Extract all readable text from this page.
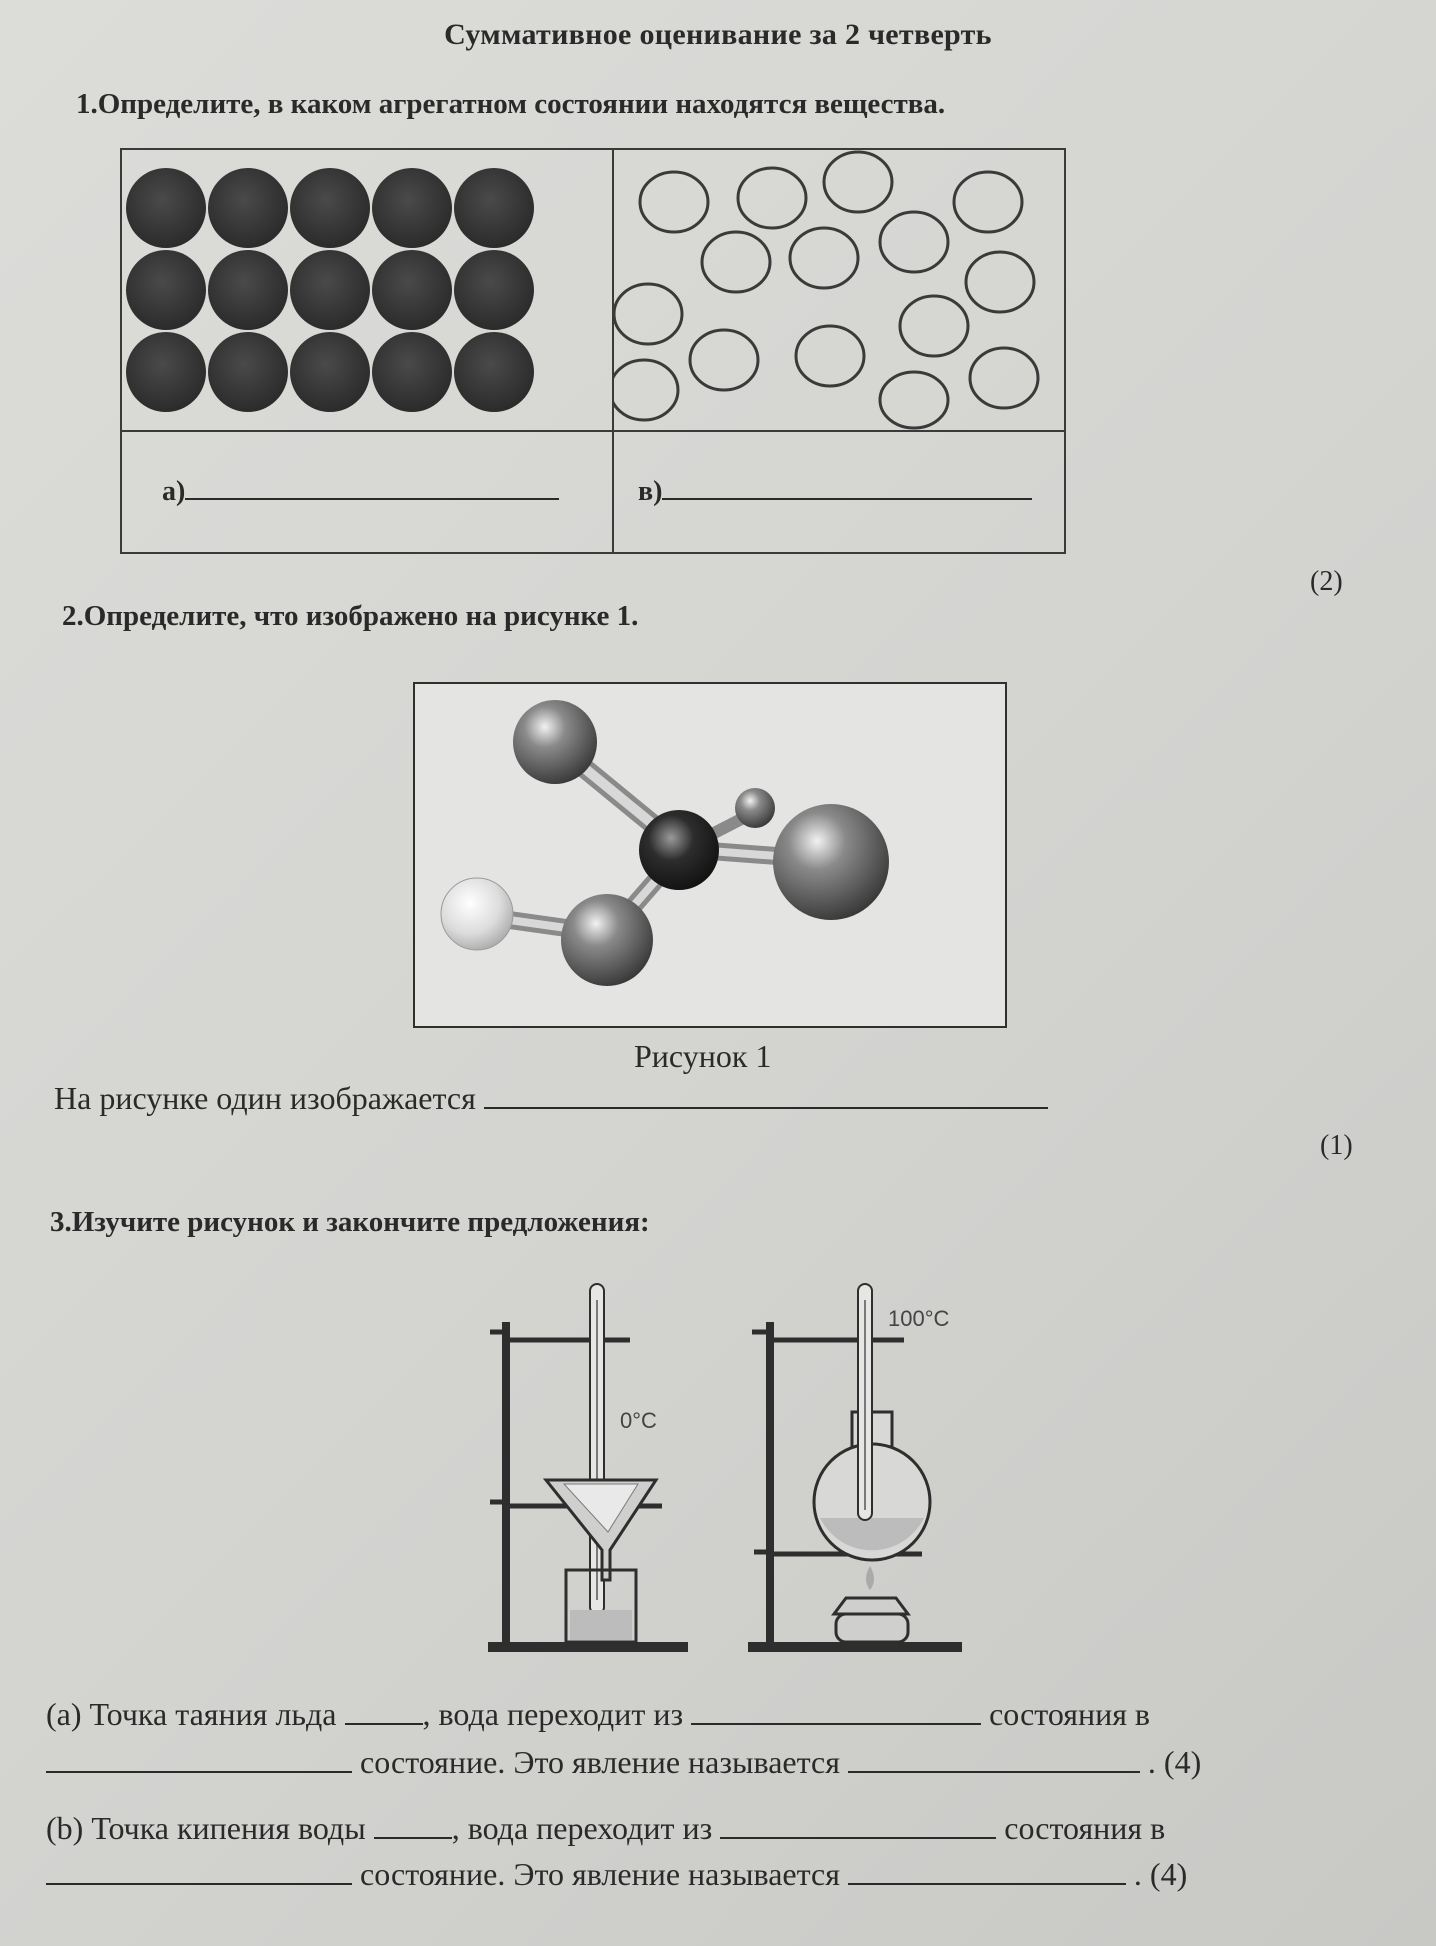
Суммативное оценивание за 2 четверть
1.Определите, в каком агрегатном состоянии находятся вещества.
а)	в)
(2)
2.Определите, что изображено на рисунке 1.
Рисунок 1
На рисунке один изображается
(1)
3.Изучите рисунок и закончите предложения:
0°C
100°C
(a) Точка таяния льда	, вода переходит из	состояния в
состояние. Это явление называется	. (4)
(b) Точка кипения воды	, вода переходит из	состояния в
состояние. Это явление называется	. (4)
